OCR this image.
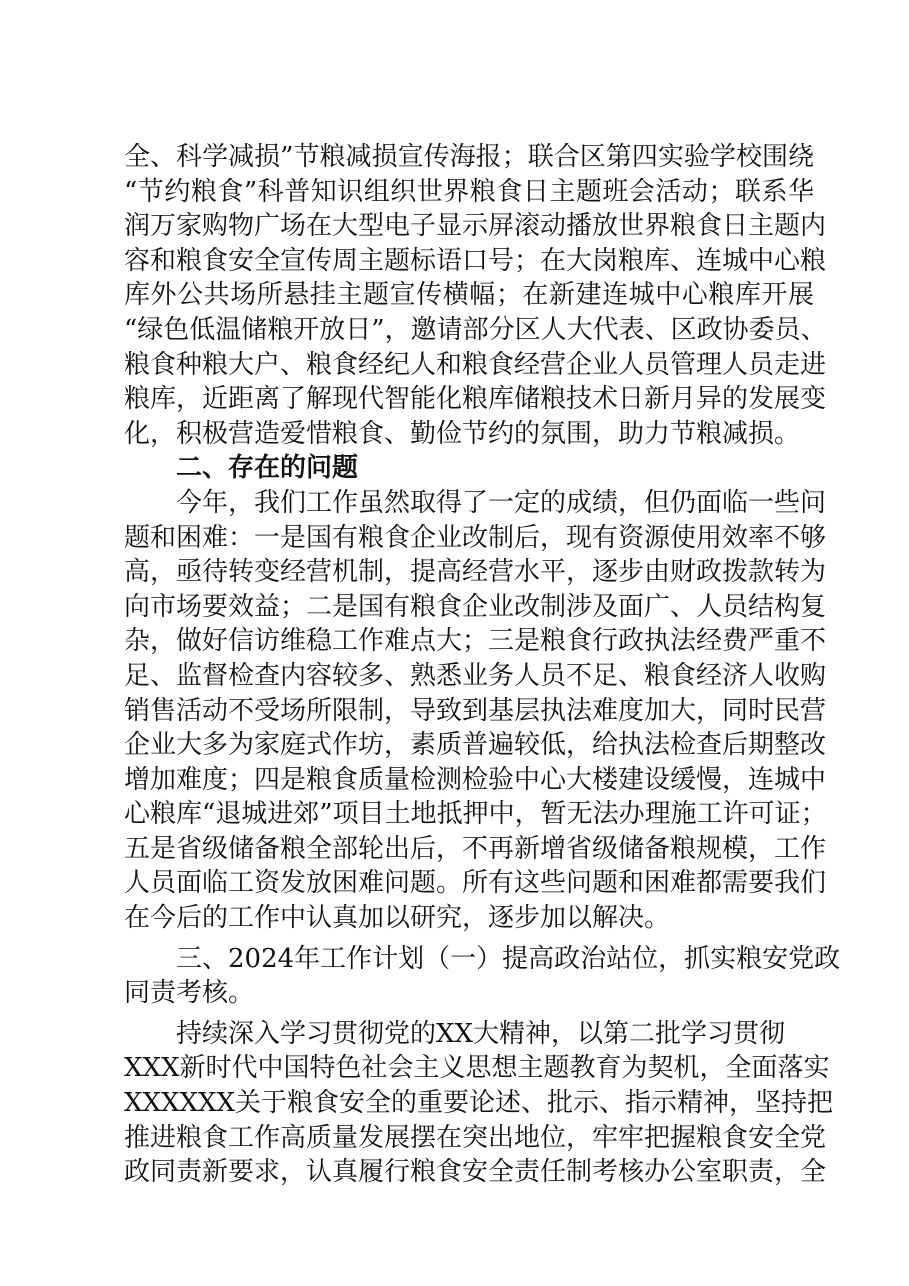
全、科学减损”节粮减损宣传海报；联合区第四实验学校围绕
“节约粮食”科普知识组织世界粮食日主题班会活动；联系华
润万家购物广场在大型电子显示屏滚动播放世界粮食日主题内
容和粮食安全宣传周主题标语口号；在大岗粮库、连城中心粮
库外公共场所悬挂主题宣传横幅；在新建连城中心粮库开展
“绿色低温储粮开放日”，邀请部分区人大代表、区政协委员、
粮食种粮大户、粮食经纪人和粮食经营企业人员管理人员走进
粮库，近距离了解现代智能化粮库储粮技术日新月异的发展变
化，积极营造爱惜粮食、勤俭节约的氛围，助力节粮减损。
二、存在的问题
今年，我们工作虽然取得了一定的成绩，但仍面临一些问
题和困难：一是国有粮食企业改制后，现有资源使用效率不够
高，亟待转变经营机制，提高经营水平，逐步由财政拨款转为
向市场要效益；二是国有粮食企业改制涉及面广、人员结构复
杂，做好信访维稳工作难点大；三是粮食行政执法经费严重不
足、监督检查内容较多、熟悉业务人员不足、粮食经济人收购
销售活动不受场所限制，导致到基层执法难度加大，同时民营
企业大多为家庭式作坊，素质普遍较低，给执法检查后期整改
增加难度；四是粮食质量检测检验中心大楼建设缓慢，连城中
心粮库“退城进郊”项目土地抵押中，暂无法办理施工许可证；
五是省级储备粮全部轮出后，不再新增省级储备粮规模，工作
人员面临工资发放困难问题。所有这些问题和困难都需要我们
在今后的工作中认真加以研究，逐步加以解决。
三、2024年工作计划（一）提高政治站位，抓实粮安党政
同责考核。
持续深入学习贯彻党的XX大精神，以第二批学习贯彻
XXX新时代中国特色社会主义思想主题教育为契机，全面落实
XXXXXX关于粮食安全的重要论述、批示、指示精神，坚持把
推进粮食工作高质量发展摆在突出地位，牢牢把握粮食安全党
政同责新要求，认真履行粮食安全责任制考核办公室职责，全
